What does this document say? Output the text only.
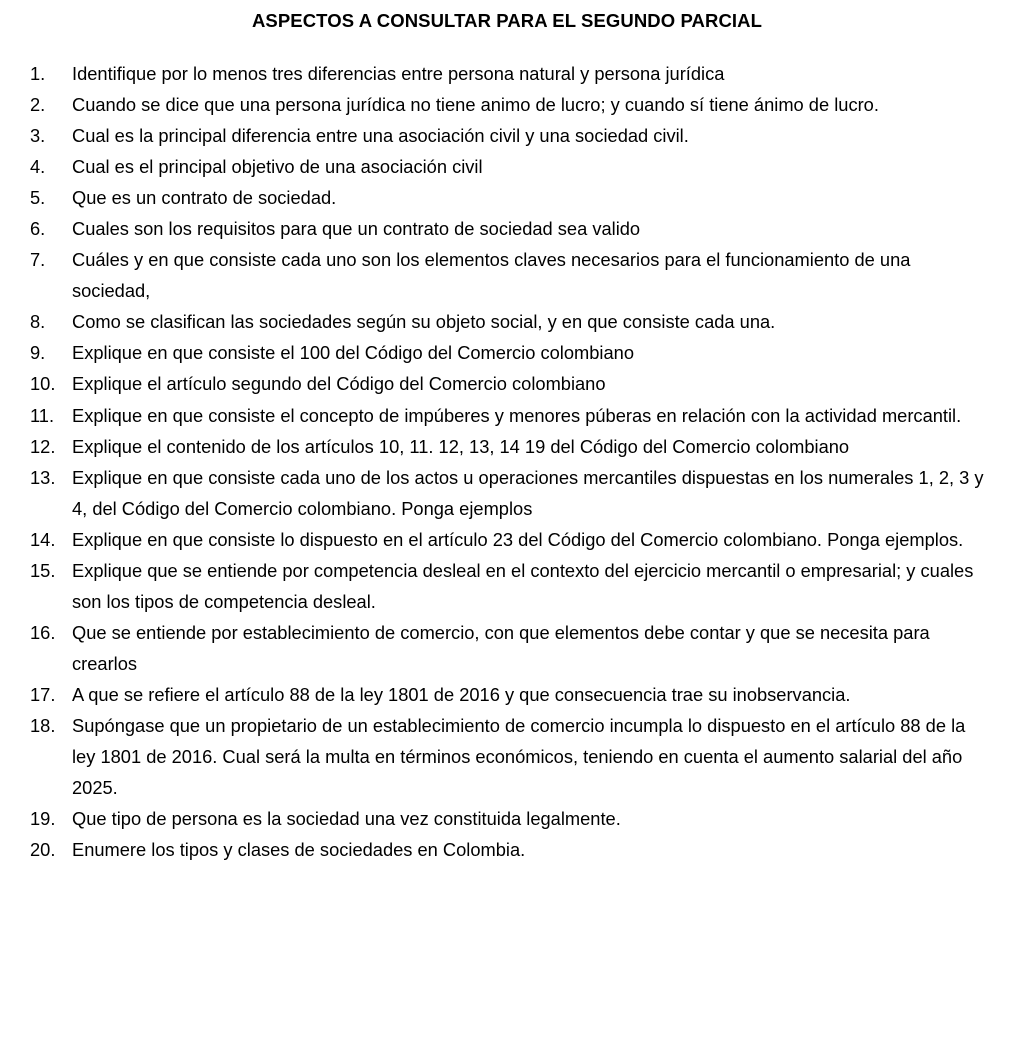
ASPECTOS A CONSULTAR PARA EL SEGUNDO PARCIAL
1.	Identifique por lo menos tres diferencias entre persona natural y persona jurídica
2.	Cuando se dice que una persona jurídica no tiene animo de lucro; y cuando sí tiene ánimo de lucro.
3.	Cual es la principal diferencia entre una asociación civil y una sociedad civil.
4.	Cual es el principal objetivo de una asociación civil
5.	Que es un contrato de sociedad.
6.	Cuales son los requisitos para que un contrato de sociedad sea valido
7.	Cuáles y en que consiste cada uno son los elementos claves necesarios para el funcionamiento de una sociedad,
8.	Como se clasifican las sociedades según su objeto social, y en que consiste cada una.
9.	Explique en que consiste el 100 del Código del Comercio colombiano
10. Explique el artículo segundo del Código del Comercio colombiano
11. Explique en que consiste el concepto de impúberes y menores púberas en relación con la actividad mercantil.
12. Explique el contenido de los artículos 10, 11. 12, 13, 14 19 del Código del Comercio colombiano
13. Explique en que consiste cada uno de los actos u operaciones mercantiles dispuestas en los numerales 1, 2, 3 y 4, del Código del Comercio colombiano. Ponga ejemplos
14. Explique en que consiste lo dispuesto en el artículo 23 del Código del Comercio colombiano. Ponga ejemplos.
15. Explique que se entiende por competencia desleal en el contexto del ejercicio mercantil o empresarial; y cuales son los tipos de competencia desleal.
16. Que se entiende por establecimiento de comercio, con que elementos debe contar y que se necesita para crearlos
17. A que se refiere el artículo 88 de la ley 1801 de 2016 y que consecuencia trae su inobservancia.
18. Supóngase que un propietario de un establecimiento de comercio incumpla lo dispuesto en el artículo 88 de la ley 1801 de 2016. Cual será la multa en términos económicos, teniendo en cuenta el aumento salarial del año 2025.
19. Que tipo de persona es la sociedad una vez constituida legalmente.
20. Enumere los tipos y clases de sociedades en Colombia.
